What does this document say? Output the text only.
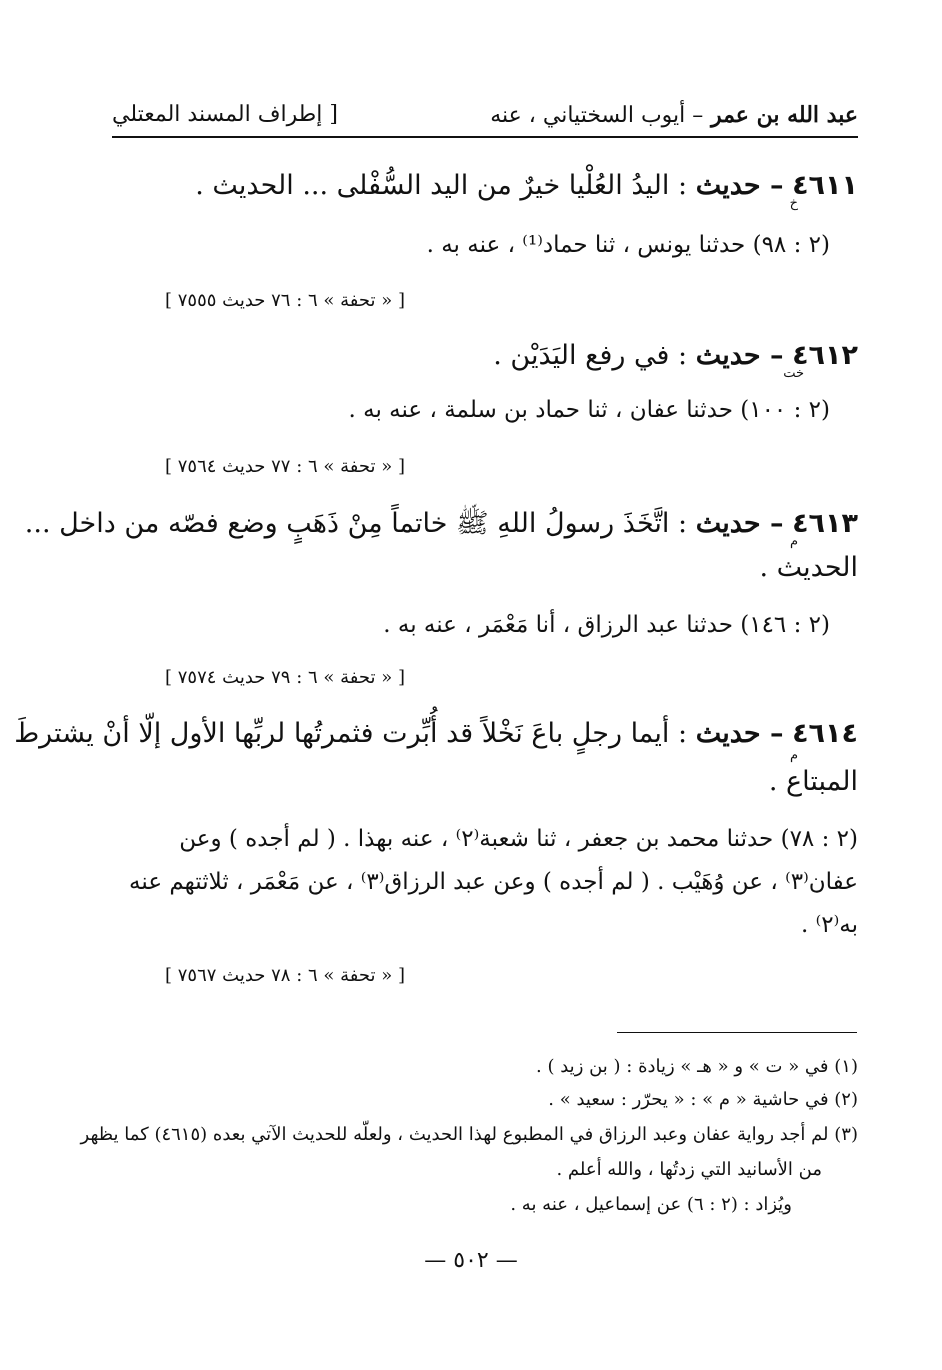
عبد الله بن عمر – أيوب السختياني ، عنه
[ إطراف المسند المعتلي
٤٦١١ – حديث : اليدُ العُلْيا خيرٌ من اليد السُّفْلى ... الحديث .
خ
(٢ : ٩٨) حدثنا يونس ، ثنا حماد⁽¹⁾ ، عنه به .
[ « تحفة » ٦ : ٧٦ حديث ٧٥٥٥ ]
٤٦١٢ – حديث : في رفع اليَدَيْن .
خت
(٢ : ١٠٠) حدثنا عفان ، ثنا حماد بن سلمة ، عنه به .
[ « تحفة » ٦ : ٧٧ حديث ٧٥٦٤ ]
٤٦١٣ – حديث : اتَّخَذَ رسولُ اللهِ ﷺ خاتماً مِنْ ذَهَبٍ وضع فصّه من داخل ...
م
الحديث .
(٢ : ١٤٦) حدثنا عبد الرزاق ، أنا مَعْمَر ، عنه به .
[ « تحفة » ٦ : ٧٩ حديث ٧٥٧٤ ]
٤٦١٤ – حديث : أيما رجلٍ باعَ نَخْلاً قد أُبِّرت فثمرتُها لربِّها الأول إلّا أنْ يشترطَ
م
المبتاع .
(٢ : ٧٨) حدثنا محمد بن جعفر ، ثنا شعبة⁽٢⁾ ، عنه بهذا . ( لم أجده ) وعن
عفان⁽٣⁾ ، عن وُهَيْب . ( لم أجده ) وعن عبد الرزاق⁽٣⁾ ، عن مَعْمَر ، ثلاثتهم عنه
به⁽٢⁾ .
[ « تحفة » ٦ : ٧٨ حديث ٧٥٦٧ ]
(١) في « ت » و « هـ » زيادة : ( بن زيد ) .
(٢) في حاشية « م » : « يحرّر : سعيد » .
(٣) لم أجد رواية عفان وعبد الرزاق في المطبوع لهذا الحديث ، ولعلّه للحديث الآتي بعده (٤٦١٥) كما يظهر
من الأسانيد التي زدتُها ، والله أعلم .
ويُزاد : (٢ : ٦) عن إسماعيل ، عنه به .
— ٥٠٢ —
